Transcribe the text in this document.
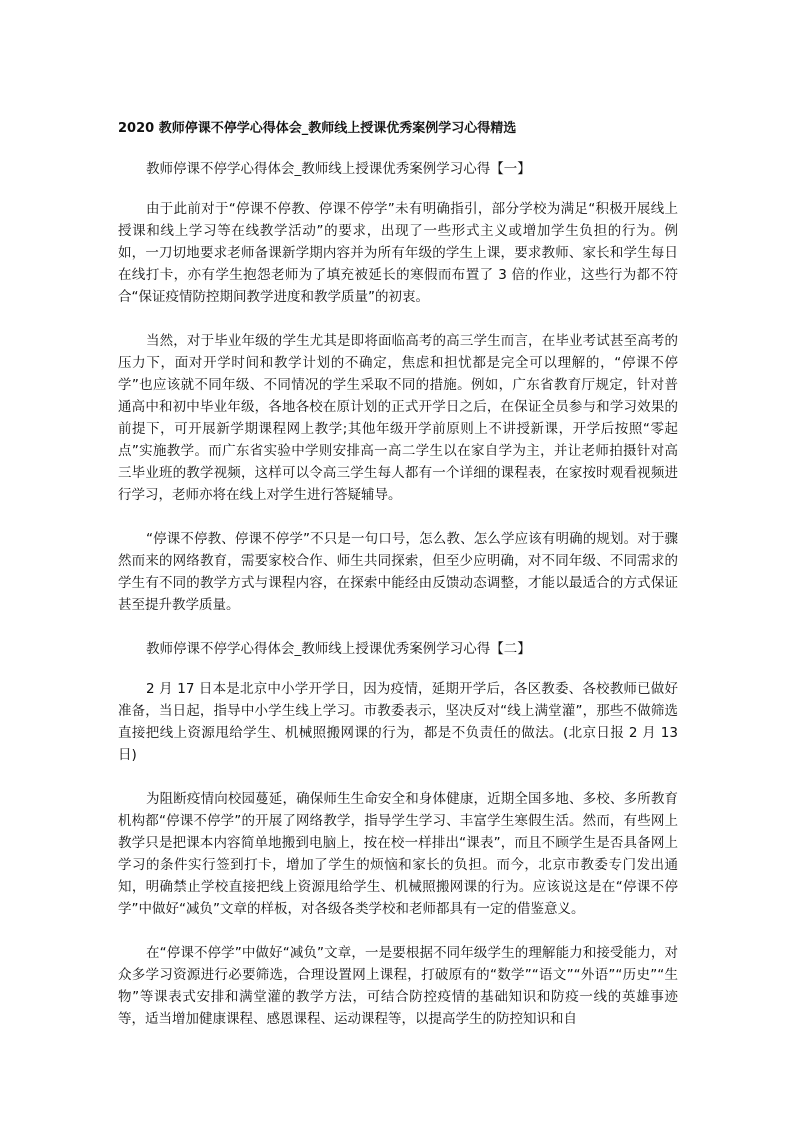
2020 教师停课不停学心得体会_教师线上授课优秀案例学习心得精选
教师停课不停学心得体会_教师线上授课优秀案例学习心得【一】

由于此前对于“停课不停教、停课不停学”未有明确指引，部分学校为满足“积极开展线上授课和线上学习等在线教学活动”的要求，出现了一些形式主义或增加学生负担的行为。例如，一刀切地要求老师备课新学期内容并为所有年级的学生上课，要求教师、家长和学生每日在线打卡，亦有学生抱怨老师为了填充被延长的寒假而布置了 3 倍的作业，这些行为都不符合“保证疫情防控期间教学进度和教学质量”的初衷。

当然，对于毕业年级的学生尤其是即将面临高考的高三学生而言，在毕业考试甚至高考的压力下，面对开学时间和教学计划的不确定，焦虑和担忧都是完全可以理解的，“停课不停学”也应该就不同年级、不同情况的学生采取不同的措施。例如，广东省教育厅规定，针对普通高中和初中毕业年级，各地各校在原计划的正式开学日之后，在保证全员参与和学习效果的前提下，可开展新学期课程网上教学;其他年级开学前原则上不讲授新课，开学后按照“零起点”实施教学。而广东省实验中学则安排高一高二学生以在家自学为主，并让老师拍摄针对高三毕业班的教学视频，这样可以令高三学生每人都有一个详细的课程表，在家按时观看视频进行学习，老师亦将在线上对学生进行答疑辅导。

“停课不停教、停课不停学”不只是一句口号，怎么教、怎么学应该有明确的规划。对于骤然而来的网络教育，需要家校合作、师生共同探索，但至少应明确，对不同年级、不同需求的学生有不同的教学方式与课程内容，在探索中能经由反馈动态调整，才能以最适合的方式保证甚至提升教学质量。

教师停课不停学心得体会_教师线上授课优秀案例学习心得【二】

2 月 17 日本是北京中小学开学日，因为疫情，延期开学后，各区教委、各校教师已做好准备，当日起，指导中小学生线上学习。市教委表示，坚决反对“线上满堂灌”，那些不做筛选直接把线上资源甩给学生、机械照搬网课的行为，都是不负责任的做法。(北京日报 2 月 13 日)

为阻断疫情向校园蔓延，确保师生生命安全和身体健康，近期全国多地、多校、多所教育机构都“停课不停学”的开展了网络教学，指导学生学习、丰富学生寒假生活。然而，有些网上教学只是把课本内容简单地搬到电脑上，按在校一样排出“课表”，而且不顾学生是否具备网上学习的条件实行签到打卡，增加了学生的烦恼和家长的负担。而今，北京市教委专门发出通知，明确禁止学校直接把线上资源甩给学生、机械照搬网课的行为。应该说这是在“停课不停学”中做好“减负”文章的样板，对各级各类学校和老师都具有一定的借鉴意义。

在“停课不停学”中做好“减负”文章，一是要根据不同年级学生的理解能力和接受能力，对众多学习资源进行必要筛选，合理设置网上课程，打破原有的“数学”“语文”“外语”“历史”“生物”等课表式安排和满堂灌的教学方法，可结合防控疫情的基础知识和防疫一线的英雄事迹等，适当增加健康课程、感恩课程、运动课程等，以提高学生的防控知识和自
